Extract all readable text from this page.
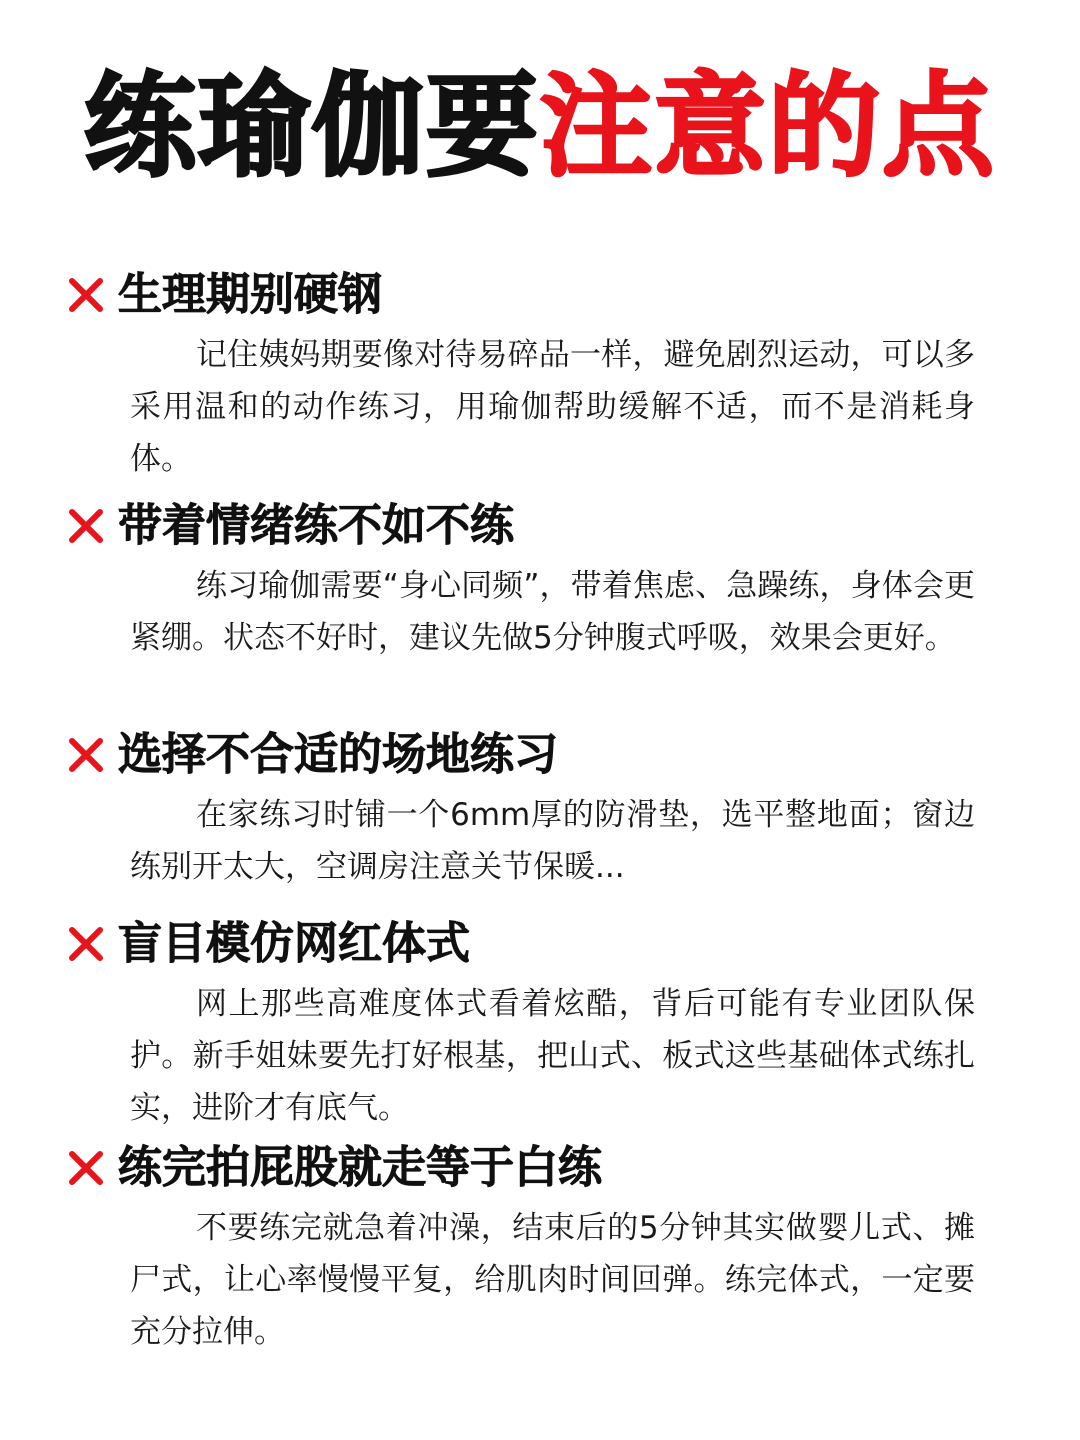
练瑜伽要注意的点
生理期别硬钢
记住姨妈期要像对待易碎品一样，避免剧烈运动，可以多采用温和的动作练习，用瑜伽帮助缓解不适，而不是消耗身体。
带着情绪练不如不练
练习瑜伽需要“身心同频”，带着焦虑、急躁练，身体会更紧绷。状态不好时，建议先做5分钟腹式呼吸，效果会更好。
选择不合适的场地练习
在家练习时铺一个6mm厚的防滑垫，选平整地面；窗边练别开太大，空调房注意关节保暖...
盲目模仿网红体式
网上那些高难度体式看着炫酷，背后可能有专业团队保护。新手姐妹要先打好根基，把山式、板式这些基础体式练扎实，进阶才有底气。
练完拍屁股就走等于白练
不要练完就急着冲澡，结束后的5分钟其实做婴儿式、摊尸式，让心率慢慢平复，给肌肉时间回弹。练完体式，一定要充分拉伸。
